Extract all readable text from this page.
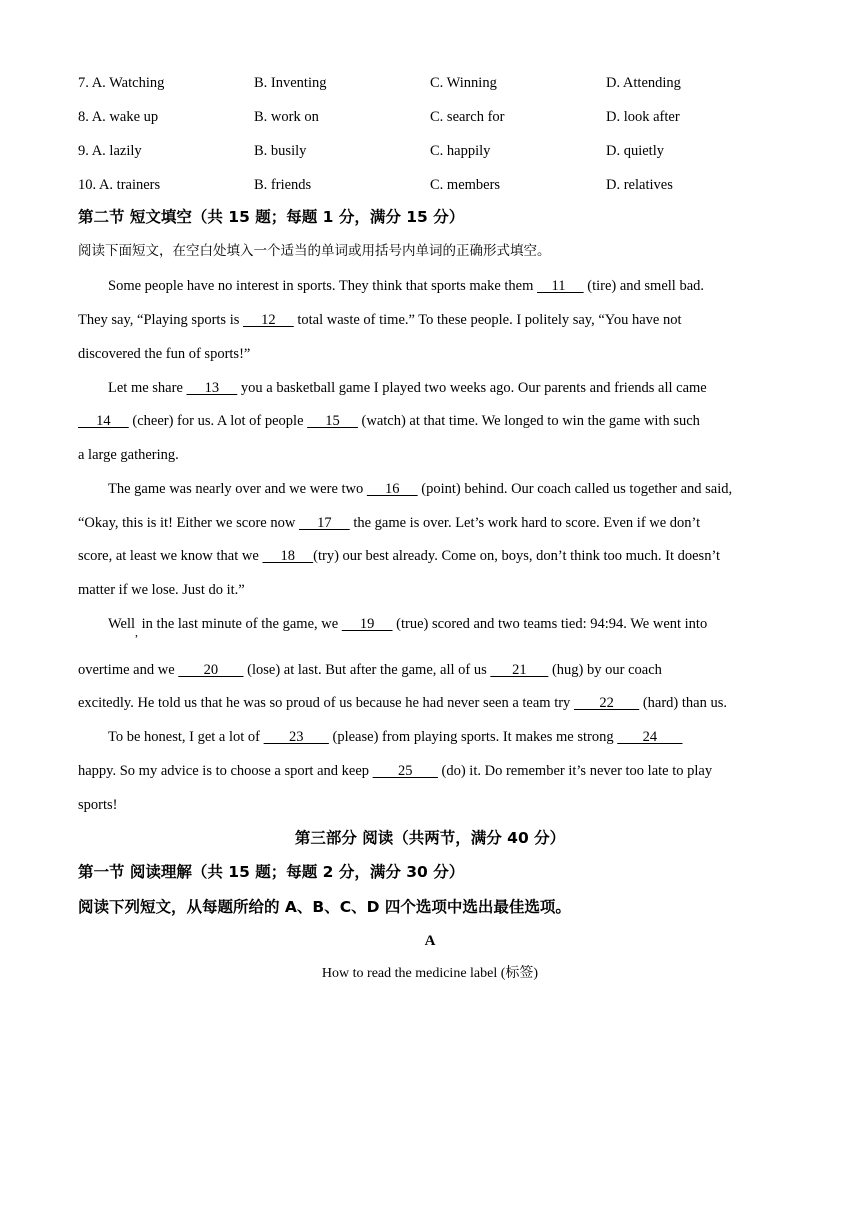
7. A. Watching	B. Inventing	C. Winning	D. Attending
8. A. wake up	B. work on	C. search for	D. look after
9. A. lazily	B. busily	C. happily	D. quietly
10. A. trainers	B. friends	C. members	D. relatives
第二节 短文填空（共 15 题；每题 1 分，满分 15 分）
阅读下面短文，在空白处填入一个适当的单词或用括号内单词的正确形式填空。
Some people have no interest in sports. They think that sports make them     11      (tire) and smell bad.
They say, “Playing sports is      12      total waste of time.” To these people. I politely say, “You have not
discovered the fun of sports!”
Let me share      13      you a basketball game I played two weeks ago. Our parents and friends all came
14      (cheer) for us. A lot of people      15      (watch) at that time. We longed to win the game with such
a large gathering.
The game was nearly over and we were two      16      (point) behind. Our coach called us together and said,
“Okay, this is it! Either we score now      17      the game is over. Let’s work hard to score. Even if we don’t
score, at least we know that we      18     (try) our best already. Come on, boys, don’t think too much. It doesn’t
matter if we lose. Just do it.”
Well$_,$ in the last minute of the game, we      19      (true) scored and two teams tied: 94:94. We went into
overtime and we        20        (lose) at last. But after the game, all of us       21       (hug) by our coach
excitedly. He told us that he was so proud of us because he had never seen a team try        22        (hard) than us.
To be honest, I get a lot of        23        (please) from playing sports. It makes me strong        24
happy. So my advice is to choose a sport and keep        25        (do) it. Do remember it’s never too late to play
sports!
第三部分 阅读（共两节，满分 40 分）
第一节 阅读理解（共 15 题；每题 2 分，满分 30 分）
阅读下列短文，从每题所给的 A、B、C、D 四个选项中选出最佳选项。
A
How to read the medicine label (标签)
